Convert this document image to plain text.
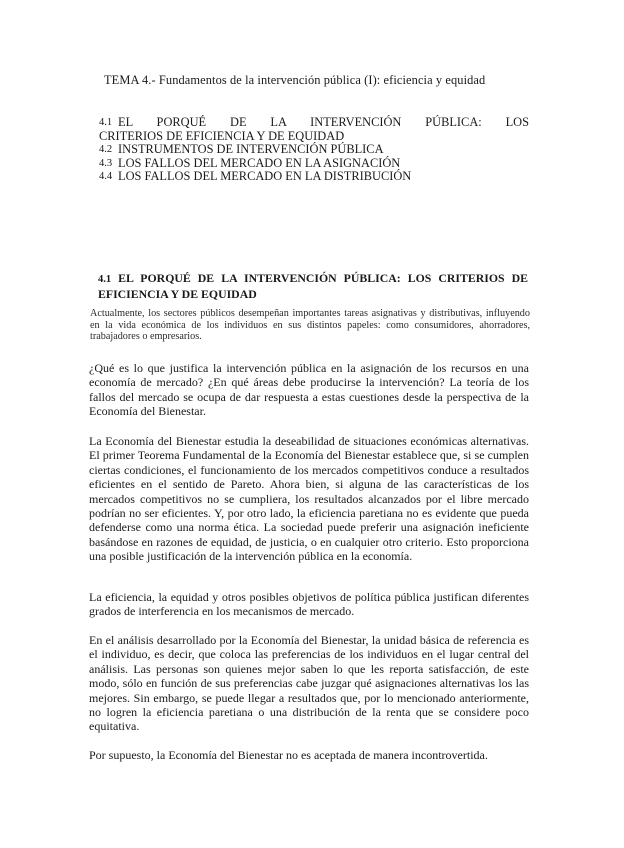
TEMA 4.- Fundamentos de la intervención pública (I): eficiencia y equidad
4.1 EL PORQUÉ DE LA INTERVENCIÓN PÚBLICA: LOS
CRITERIOS DE EFICIENCIA Y DE EQUIDAD
4.2 INSTRUMENTOS DE INTERVENCIÓN PÚBLICA
4.3 LOS FALLOS DEL MERCADO EN LA ASIGNACIÓN
4.4 LOS FALLOS DEL MERCADO EN LA DISTRIBUCIÓN
4.1 EL PORQUÉ DE LA INTERVENCIÓN PÚBLICA: LOS CRITERIOS DE EFICIENCIA Y DE EQUIDAD
Actualmente, los sectores públicos desempeñan importantes tareas asignativas y distributivas, influyendo en la vida económica de los individuos en sus distintos papeles: como consumidores, ahorradores, trabajadores o empresarios.
¿Qué es lo que justifica la intervención pública en la asignación de los recursos en una economía de mercado? ¿En qué áreas debe producirse la intervención? La teoría de los fallos del mercado se ocupa de dar respuesta a estas cuestiones desde la perspectiva de la Economía del Bienestar.
La Economía del Bienestar estudia la deseabilidad de situaciones económicas alternativas. El primer Teorema Fundamental de la Economía del Bienestar establece que, si se cumplen ciertas condiciones, el funcionamiento de los mercados competitivos conduce a resultados eficientes en el sentido de Pareto. Ahora bien, si alguna de las características de los mercados competitivos no se cumpliera, los resultados alcanzados por el libre mercado podrían no ser eficientes. Y, por otro lado, la eficiencia paretiana no es evidente que pueda defenderse como una norma ética. La sociedad puede preferir una asignación ineficiente basándose en razones de equidad, de justicia, o en cualquier otro criterio. Esto proporciona una posible justificación de la intervención pública en la economía.
La eficiencia, la equidad y otros posibles objetivos de política pública justifican diferentes grados de interferencia en los mecanismos de mercado.
En el análisis desarrollado por la Economía del Bienestar, la unidad básica de referencia es el individuo, es decir, que coloca las preferencias de los individuos en el lugar central del análisis. Las personas son quienes mejor saben lo que les reporta satisfacción, de este modo, sólo en función de sus preferencias cabe juzgar qué asignaciones alternativas los las mejores. Sin embargo, se puede llegar a resultados que, por lo mencionado anteriormente, no logren la eficiencia paretiana o una distribución de la renta que se considere poco equitativa.
Por supuesto, la Economía del Bienestar no es aceptada de manera incontrovertida.
